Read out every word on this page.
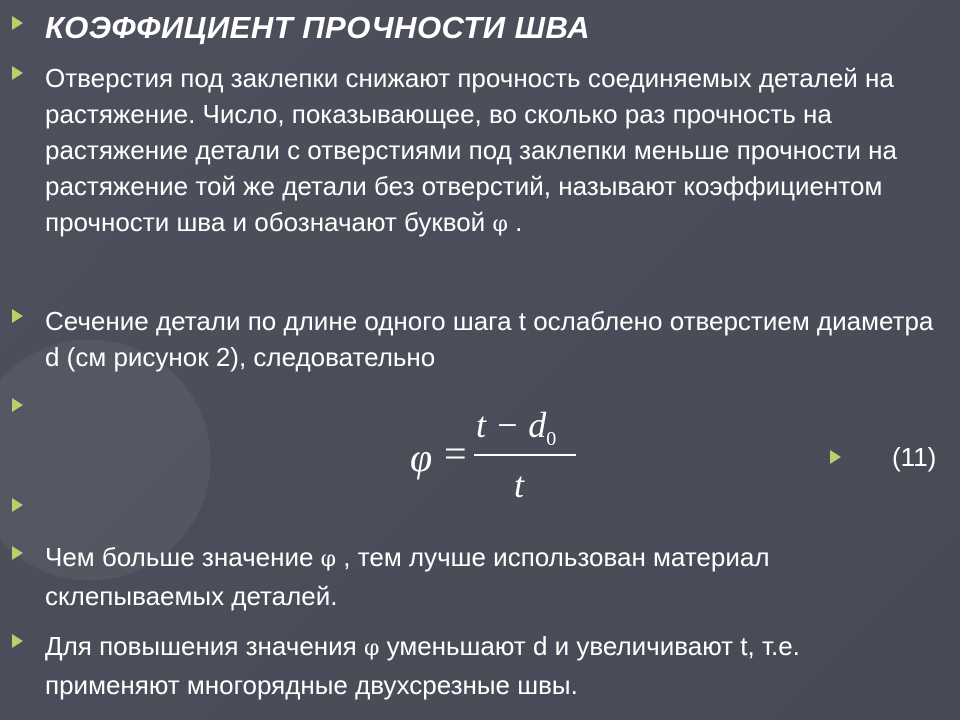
КОЭФФИЦИЕНТ ПРОЧНОСТИ ШВА

Отверстия под заклепки снижают прочность соединяемых деталей на растяжение. Число, показывающее, во сколько раз прочность на растяжение детали с отверстиями под заклепки меньше прочности на растяжение той же детали без отверстий, называют коэффициентом прочности шва и обозначают буквой φ .

Сечение детали по длине одного шага t ослаблено отверстием диаметра d (см рисунок 2), следовательно

φ =
$t - d_0$
t
(11)

Чем больше значение φ , тем лучше использован материал склепываемых деталей.

Для повышения значения φ уменьшают d и увеличивают t, т.е. применяют многорядные двухсрезные швы.
